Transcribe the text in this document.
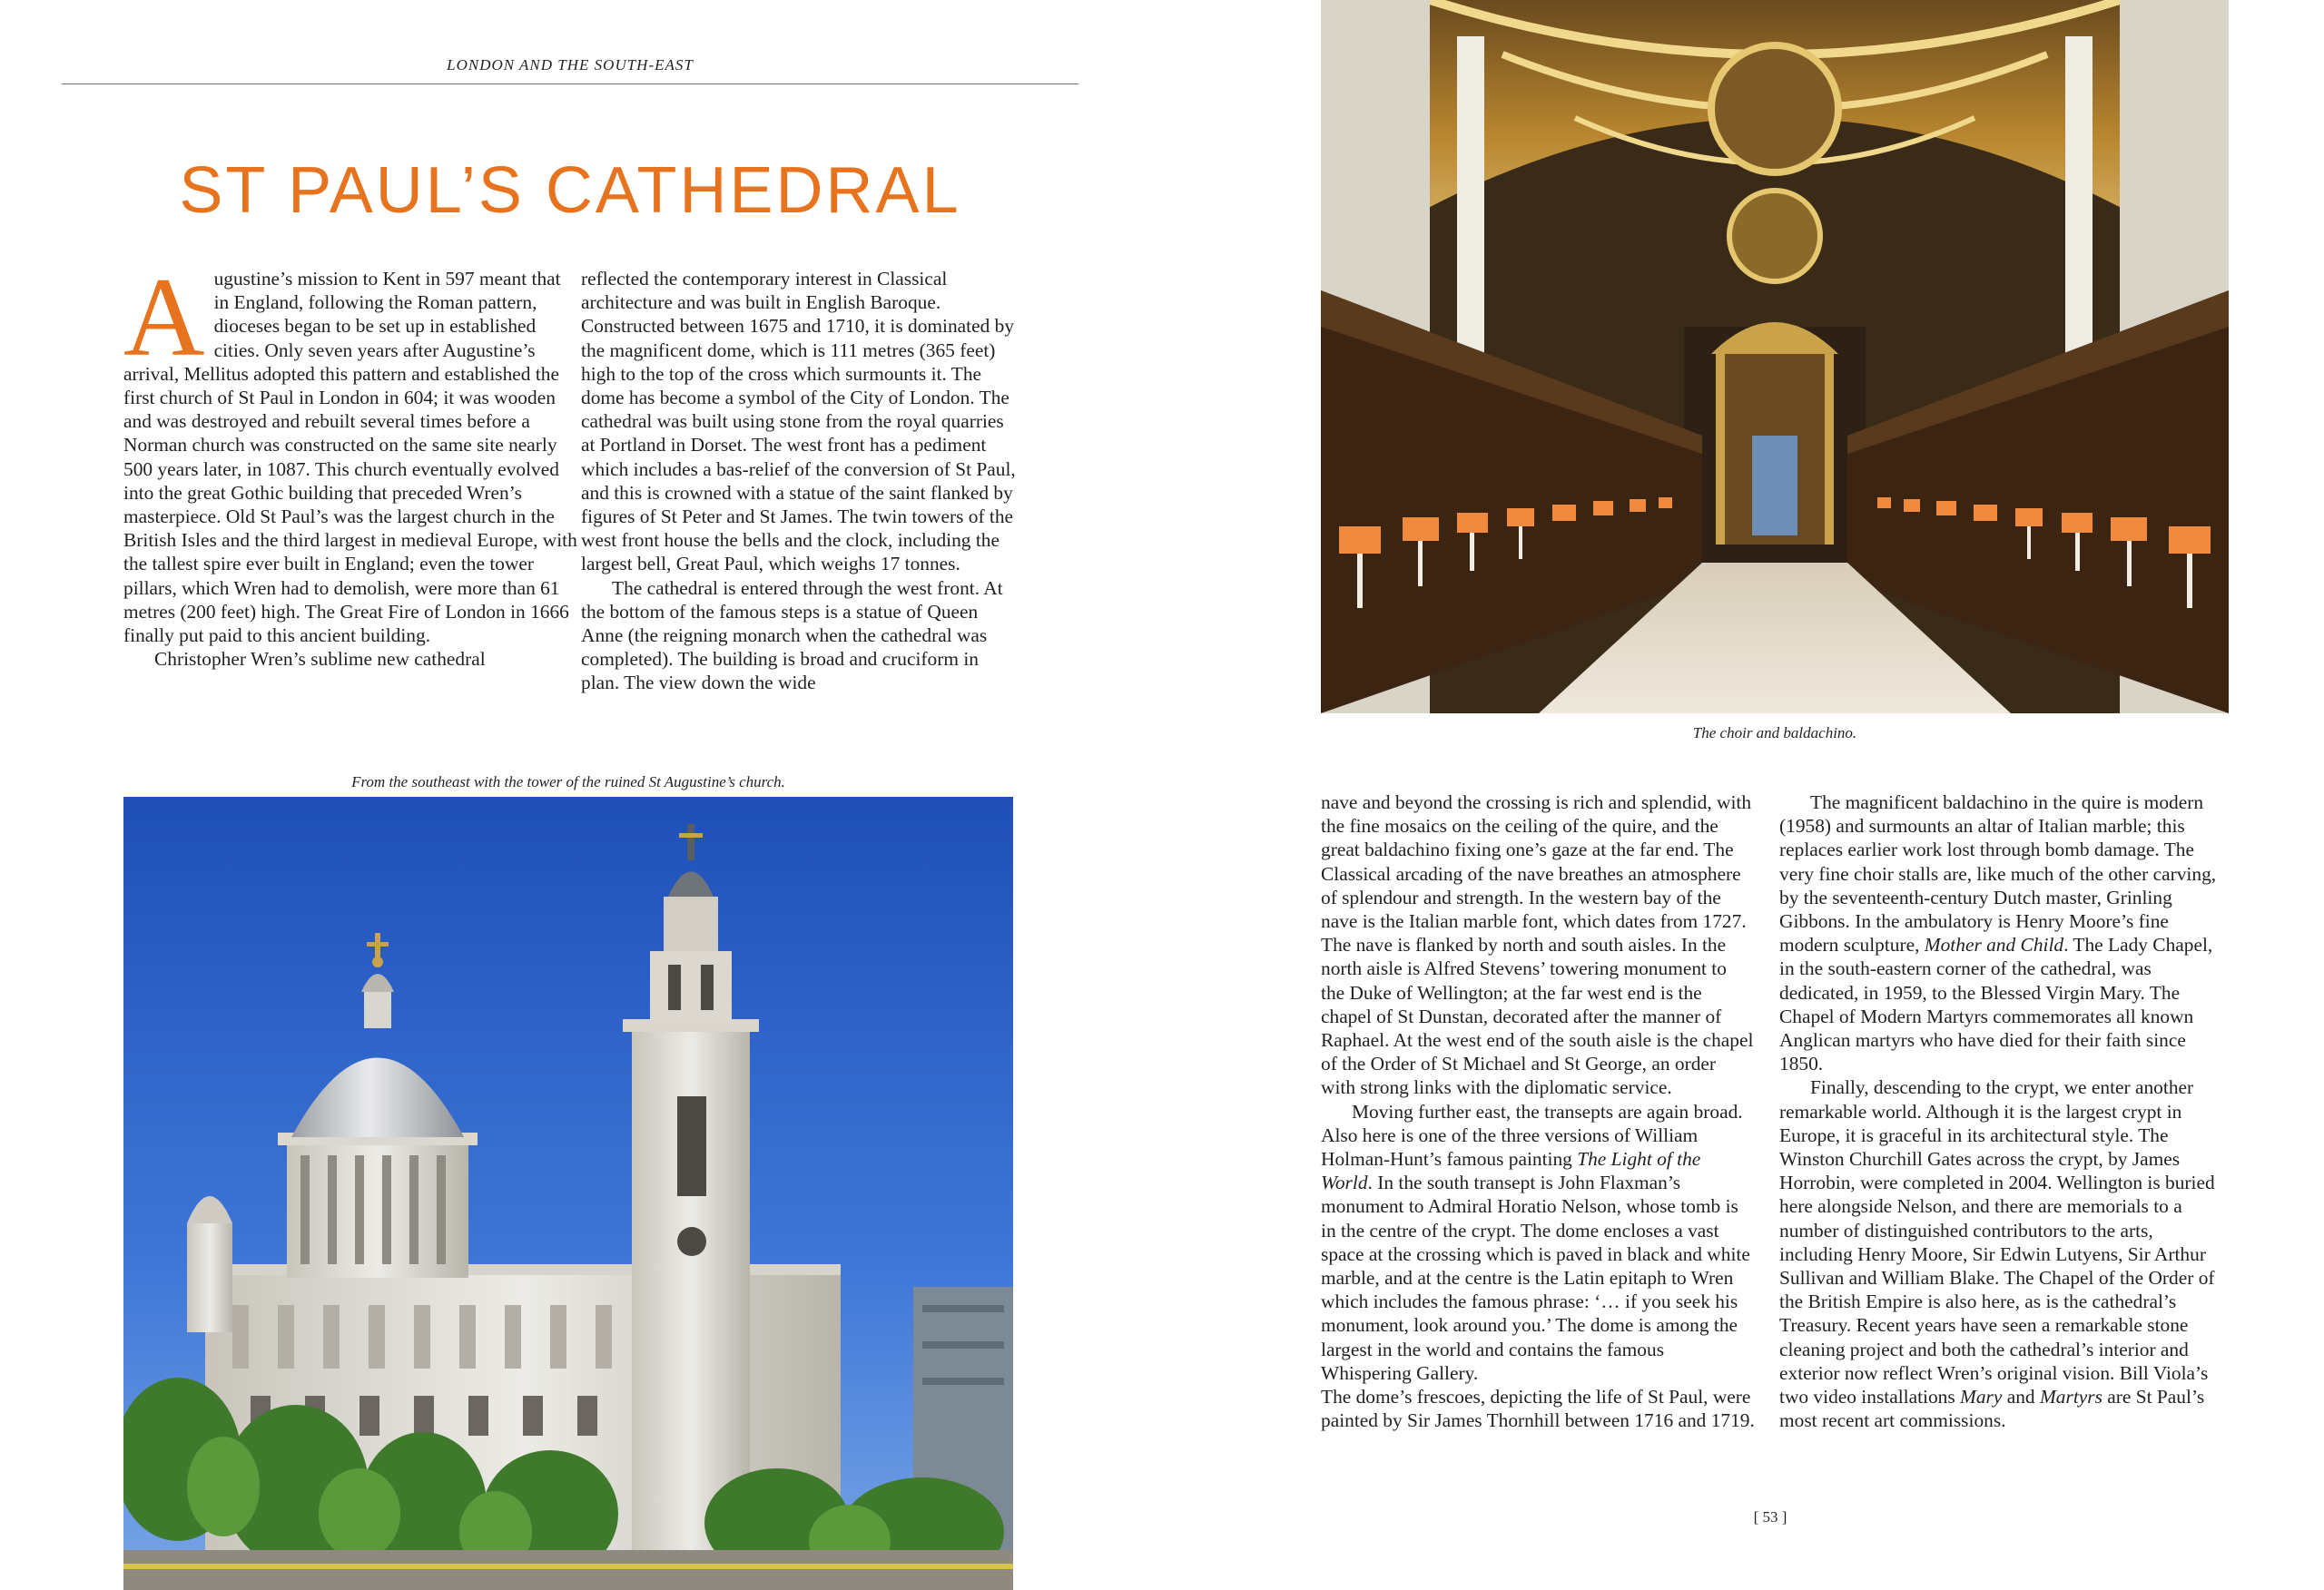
LONDON AND THE SOUTH-EAST
ST PAUL’S CATHEDRAL

Augustine’s mission to Kent in 597 meant that in England, following the Roman pattern, dioceses began to be set up in established cities. Only seven years after Augustine’s arrival, Mellitus adopted this pattern and established the first church of St Paul in London in 604; it was wooden and was destroyed and rebuilt several times before a Norman church was constructed on the same site nearly 500 years later, in 1087. This church eventually evolved into the great Gothic building that preceded Wren’s masterpiece. Old St Paul’s was the largest church in the British Isles and the third largest in medieval Europe, with the tallest spire ever built in England; even the tower pillars, which Wren had to demolish, were more than 61 metres (200 feet) high. The Great Fire of London in 1666 finally put paid to this ancient building.

Christopher Wren’s sublime new cathedral

reflected the contemporary interest in Classical architecture and was built in English Baroque. Constructed between 1675 and 1710, it is dominated by the magnificent dome, which is 111 metres (365 feet) high to the top of the cross which surmounts it. The dome has become a symbol of the City of London. The cathedral was built using stone from the royal quarries at Portland in Dorset. The west front has a pediment which includes a bas-relief of the conversion of St Paul, and this is crowned with a statue of the saint flanked by figures of St Peter and St James. The twin towers of the west front house the bells and the clock, including the largest bell, Great Paul, which weighs 17 tonnes.

The cathedral is entered through the west front. At the bottom of the famous steps is a statue of Queen Anne (the reigning monarch when the cathedral was completed). The building is broad and cruciform in plan. The view down the wide

From the southeast with the tower of the ruined St Augustine’s church.
The choir and baldachino.

nave and beyond the crossing is rich and splendid, with the fine mosaics on the ceiling of the quire, and the great baldachino fixing one’s gaze at the far end. The Classical arcading of the nave breathes an atmosphere of splendour and strength. In the western bay of the nave is the Italian marble font, which dates from 1727. The nave is flanked by north and south aisles. In the north aisle is Alfred Stevens’ towering monument to the Duke of Wellington; at the far west end is the chapel of St Dunstan, decorated after the manner of Raphael. At the west end of the south aisle is the chapel of the Order of St Michael and St George, an order with strong links with the diplomatic service.

Moving further east, the transepts are again broad. Also here is one of the three versions of William Holman-Hunt’s famous painting The Light of the World. In the south transept is John Flaxman’s monument to Admiral Horatio Nelson, whose tomb is in the centre of the crypt. The dome encloses a vast space at the crossing which is paved in black and white marble, and at the centre is the Latin epitaph to Wren which includes the famous phrase: ‘… if you seek his monument, look around you.’ The dome is among the largest in the world and contains the famous Whispering Gallery.

The dome’s frescoes, depicting the life of St Paul, were painted by Sir James Thornhill between 1716 and 1719.

The magnificent baldachino in the quire is modern (1958) and surmounts an altar of Italian marble; this replaces earlier work lost through bomb damage. The very fine choir stalls are, like much of the other carving, by the seventeenth-century Dutch master, Grinling Gibbons. In the ambulatory is Henry Moore’s fine modern sculpture, Mother and Child. The Lady Chapel, in the south-eastern corner of the cathedral, was dedicated, in 1959, to the Blessed Virgin Mary. The Chapel of Modern Martyrs commemorates all known Anglican martyrs who have died for their faith since 1850.

Finally, descending to the crypt, we enter another remarkable world. Although it is the largest crypt in Europe, it is graceful in its architectural style. The Winston Churchill Gates across the crypt, by James Horrobin, were completed in 2004. Wellington is buried here alongside Nelson, and there are memorials to a number of distinguished contributors to the arts, including Henry Moore, Sir Edwin Lutyens, Sir Arthur Sullivan and William Blake. The Chapel of the Order of the British Empire is also here, as is the cathedral’s Treasury. Recent years have seen a remarkable stone cleaning project and both the cathedral’s interior and exterior now reflect Wren’s original vision. Bill Viola’s two video installations Mary and Martyrs are St Paul’s most recent art commissions.

[ 53 ]
